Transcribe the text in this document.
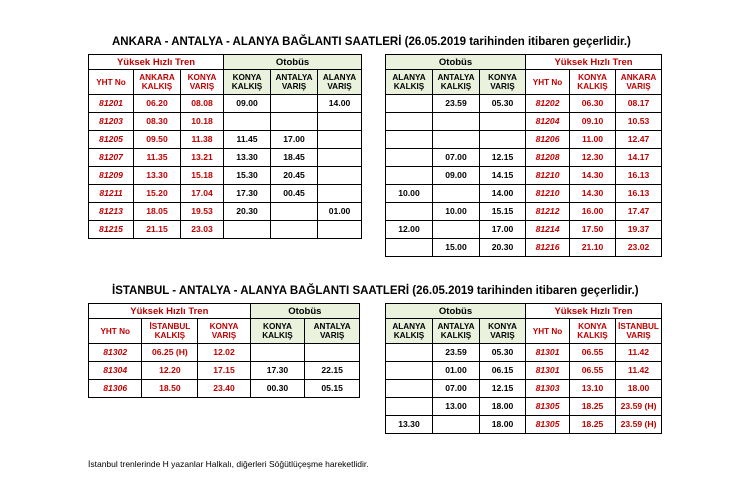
ANKARA - ANTALYA - ALANYA BAĞLANTI SAATLERİ (26.05.2019 tarihinden itibaren geçerlidir.)
Yüksek Hızlı Tren			Otobüs		
YHT No	ANKARA KALKIŞ	KONYA VARIŞ	KONYA KALKIŞ	ANTALYA VARIŞ	ALANYA VARIŞ
81201	06.20	08.08	09.00		14.00
81203	08.30	10.18			
81205	09.50	11.38	11.45	17.00	
81207	11.35	13.21	13.30	18.45	
81209	13.30	15.18	15.30	20.45	
81211	15.20	17.04	17.30	00.45	
81213	18.05	19.53	20.30		01.00
81215	21.15	23.03			
Otobüs			Yüksek Hızlı Tren		
ALANYA KALKIŞ	ANTALYA KALKIŞ	KONYA VARIŞ	YHT No	KONYA KALKIŞ	ANKARA VARIŞ
	23.59	05.30	81202	06.30	08.17
			81204	09.10	10.53
			81206	11.00	12.47
	07.00	12.15	81208	12.30	14.17
	09.00	14.15	81210	14.30	16.13
10.00		14.00	81210	14.30	16.13
	10.00	15.15	81212	16.00	17.47
12.00		17.00	81214	17.50	19.37
	15.00	20.30	81216	21.10	23.02
İSTANBUL - ANTALYA - ALANYA BAĞLANTI SAATLERİ (26.05.2019 tarihinden itibaren geçerlidir.)
Yüksek Hızlı Tren			Otobüs	
YHT No	İSTANBUL KALKIŞ	KONYA VARIŞ	KONYA KALKIŞ	ANTALYA VARIŞ
81302	06.25 (H)	12.02		
81304	12.20	17.15	17.30	22.15
81306	18.50	23.40	00.30	05.15
Otobüs			Yüksek Hızlı Tren		
ALANYA KALKIŞ	ANTALYA KALKIŞ	KONYA VARIŞ	YHT No	KONYA KALKIŞ	İSTANBUL VARIŞ
	23.59	05.30	81301	06.55	11.42
	01.00	06.15	81301	06.55	11.42
	07.00	12.15	81303	13.10	18.00
	13.00	18.00	81305	18.25	23.59 (H)
13.30		18.00	81305	18.25	23.59 (H)
İstanbul trenlerinde H yazanlar Halkalı, diğerleri Söğütlüçeşme hareketlidir.
